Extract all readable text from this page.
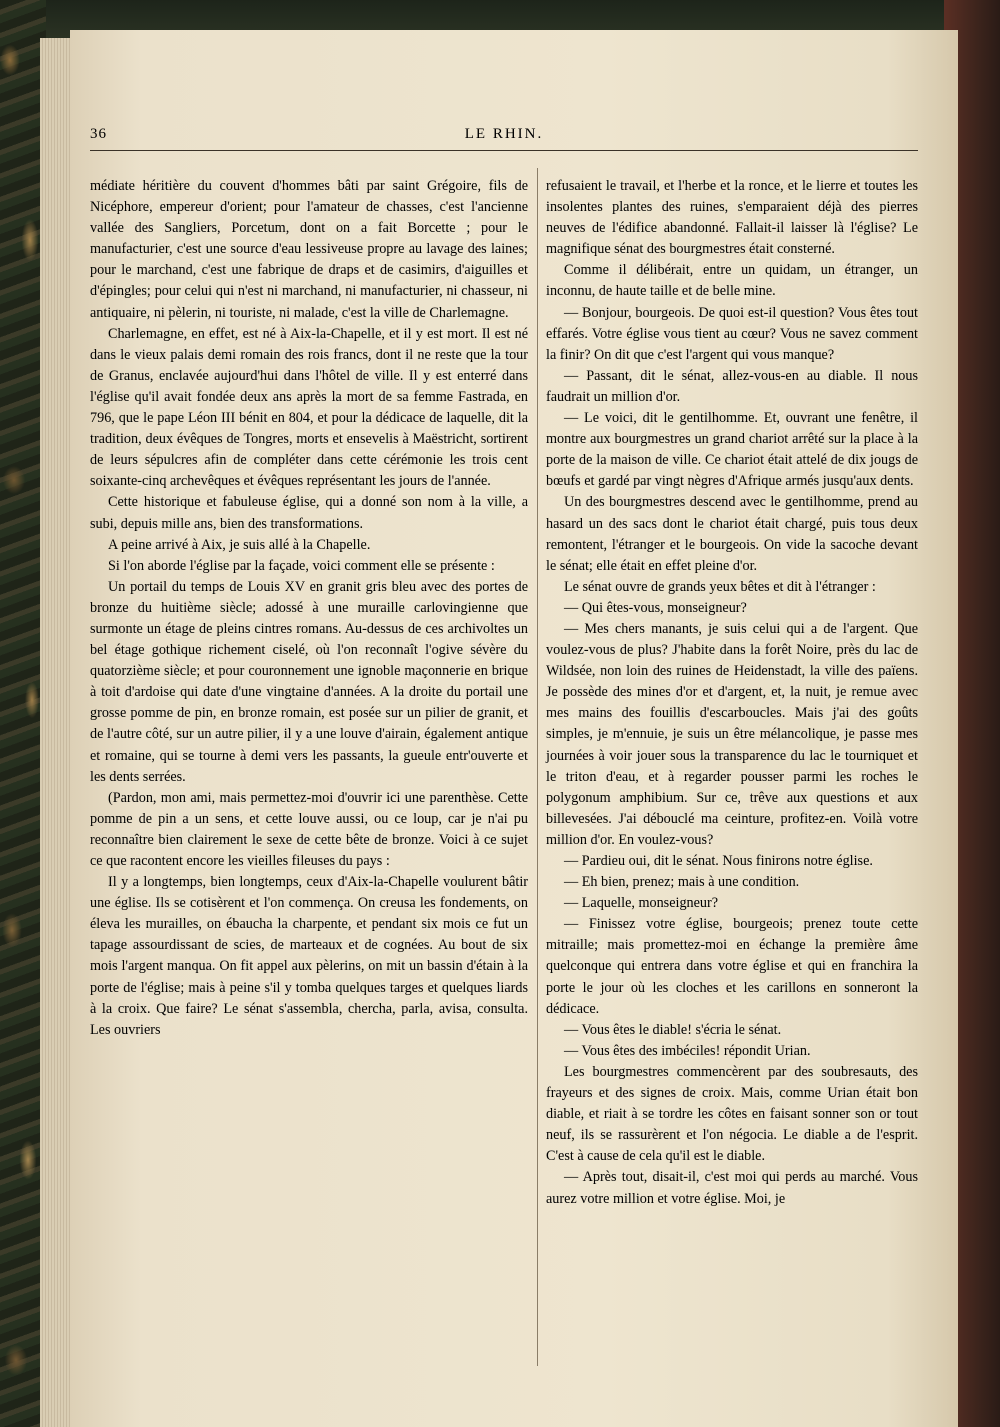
36	LE RHIN.

médiate héritière du couvent d'hommes bâti par saint Grégoire, fils de Nicéphore, empereur d'orient; pour l'amateur de chasses, c'est l'ancienne vallée des Sangliers, Porcetum, dont on a fait Borcette ; pour le manufacturier, c'est une source d'eau lessiveuse propre au lavage des laines; pour le marchand, c'est une fabrique de draps et de casimirs, d'aiguilles et d'épingles; pour celui qui n'est ni marchand, ni manufacturier, ni chasseur, ni antiquaire, ni pèlerin, ni touriste, ni malade, c'est la ville de Charlemagne.

Charlemagne, en effet, est né à Aix-la-Chapelle, et il y est mort. Il est né dans le vieux palais demi romain des rois francs, dont il ne reste que la tour de Granus, enclavée aujourd'hui dans l'hôtel de ville. Il y est enterré dans l'église qu'il avait fondée deux ans après la mort de sa femme Fastrada, en 796, que le pape Léon III bénit en 804, et pour la dédicace de laquelle, dit la tradition, deux évêques de Tongres, morts et ensevelis à Maëstricht, sortirent de leurs sépulcres afin de compléter dans cette cérémonie les trois cent soixante-cinq archevêques et évêques représentant les jours de l'année.

Cette historique et fabuleuse église, qui a donné son nom à la ville, a subi, depuis mille ans, bien des transformations.

A peine arrivé à Aix, je suis allé à la Chapelle.

Si l'on aborde l'église par la façade, voici comment elle se présente :

Un portail du temps de Louis XV en granit gris bleu avec des portes de bronze du huitième siècle; adossé à une muraille carlovingienne que surmonte un étage de pleins cintres romans. Au-dessus de ces archivoltes un bel étage gothique richement ciselé, où l'on reconnaît l'ogive sévère du quatorzième siècle; et pour couronnement une ignoble maçonnerie en brique à toit d'ardoise qui date d'une vingtaine d'années. A la droite du portail une grosse pomme de pin, en bronze romain, est posée sur un pilier de granit, et de l'autre côté, sur un autre pilier, il y a une louve d'airain, également antique et romaine, qui se tourne à demi vers les passants, la gueule entr'ouverte et les dents serrées.

(Pardon, mon ami, mais permettez-moi d'ouvrir ici une parenthèse. Cette pomme de pin a un sens, et cette louve aussi, ou ce loup, car je n'ai pu reconnaître bien clairement le sexe de cette bête de bronze. Voici à ce sujet ce que racontent encore les vieilles fileuses du pays :

Il y a longtemps, bien longtemps, ceux d'Aix-la-Chapelle voulurent bâtir une église. Ils se cotisèrent et l'on commença. On creusa les fondements, on éleva les murailles, on ébaucha la charpente, et pendant six mois ce fut un tapage assourdissant de scies, de marteaux et de cognées. Au bout de six mois l'argent manqua. On fit appel aux pèlerins, on mit un bassin d'étain à la porte de l'église; mais à peine s'il y tomba quelques targes et quelques liards à la croix. Que faire? Le sénat s'assembla, chercha, parla, avisa, consulta. Les ouvriers

refusaient le travail, et l'herbe et la ronce, et le lierre et toutes les insolentes plantes des ruines, s'emparaient déjà des pierres neuves de l'édifice abandonné. Fallait-il laisser là l'église? Le magnifique sénat des bourgmestres était consterné.

Comme il délibérait, entre un quidam, un étranger, un inconnu, de haute taille et de belle mine.

— Bonjour, bourgeois. De quoi est-il question? Vous êtes tout effarés. Votre église vous tient au cœur? Vous ne savez comment la finir? On dit que c'est l'argent qui vous manque?

— Passant, dit le sénat, allez-vous-en au diable. Il nous faudrait un million d'or.

— Le voici, dit le gentilhomme. Et, ouvrant une fenêtre, il montre aux bourgmestres un grand chariot arrêté sur la place à la porte de la maison de ville. Ce chariot était attelé de dix jougs de bœufs et gardé par vingt nègres d'Afrique armés jusqu'aux dents.

Un des bourgmestres descend avec le gentilhomme, prend au hasard un des sacs dont le chariot était chargé, puis tous deux remontent, l'étranger et le bourgeois. On vide la sacoche devant le sénat; elle était en effet pleine d'or.

Le sénat ouvre de grands yeux bêtes et dit à l'étranger :

— Qui êtes-vous, monseigneur?

— Mes chers manants, je suis celui qui a de l'argent. Que voulez-vous de plus? J'habite dans la forêt Noire, près du lac de Wildsée, non loin des ruines de Heidenstadt, la ville des païens. Je possède des mines d'or et d'argent, et, la nuit, je remue avec mes mains des fouillis d'escarboucles. Mais j'ai des goûts simples, je m'ennuie, je suis un être mélancolique, je passe mes journées à voir jouer sous la transparence du lac le tourniquet et le triton d'eau, et à regarder pousser parmi les roches le polygonum amphibium. Sur ce, trêve aux questions et aux billevesées. J'ai débouclé ma ceinture, profitez-en. Voilà votre million d'or. En voulez-vous?

— Pardieu oui, dit le sénat. Nous finirons notre église.

— Eh bien, prenez; mais à une condition.

— Laquelle, monseigneur?

— Finissez votre église, bourgeois; prenez toute cette mitraille; mais promettez-moi en échange la première âme quelconque qui entrera dans votre église et qui en franchira la porte le jour où les cloches et les carillons en sonneront la dédicace.

— Vous êtes le diable! s'écria le sénat.

— Vous êtes des imbéciles! répondit Urian.

Les bourgmestres commencèrent par des soubresauts, des frayeurs et des signes de croix. Mais, comme Urian était bon diable, et riait à se tordre les côtes en faisant sonner son or tout neuf, ils se rassurèrent et l'on négocia. Le diable a de l'esprit. C'est à cause de cela qu'il est le diable.

— Après tout, disait-il, c'est moi qui perds au marché. Vous aurez votre million et votre église. Moi, je
